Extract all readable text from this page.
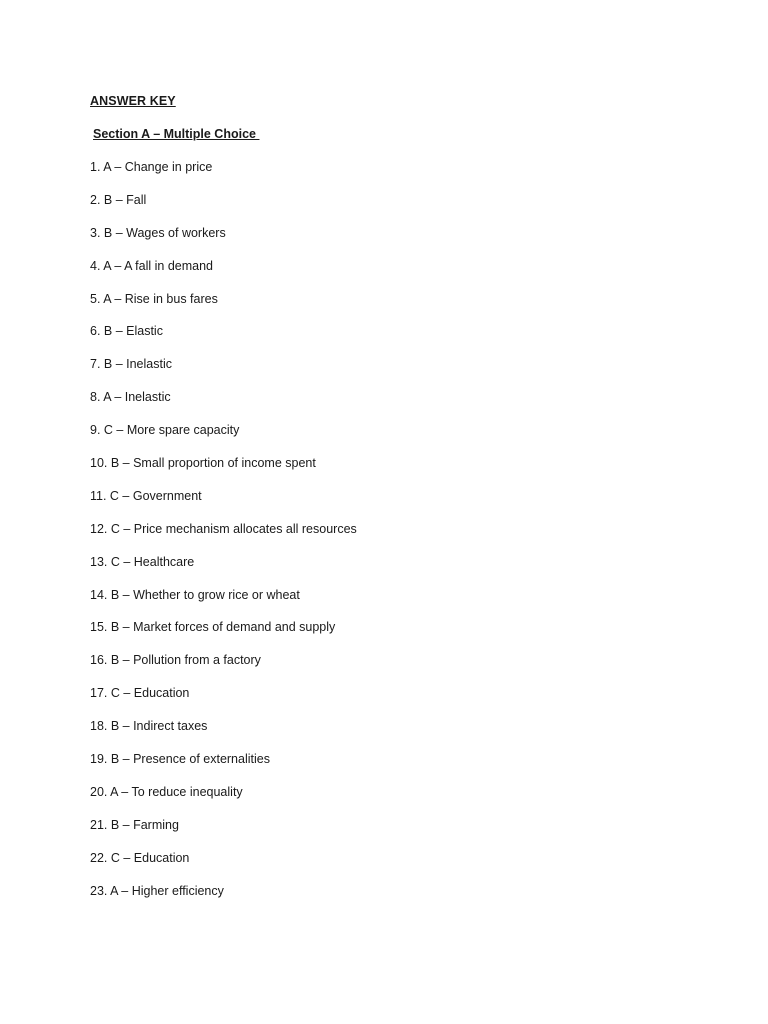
ANSWER KEY
Section A – Multiple Choice
1. A – Change in price
2. B – Fall
3. B – Wages of workers
4. A – A fall in demand
5. A – Rise in bus fares
6. B – Elastic
7. B – Inelastic
8. A – Inelastic
9. C – More spare capacity
10. B – Small proportion of income spent
11. C – Government
12. C – Price mechanism allocates all resources
13. C – Healthcare
14. B – Whether to grow rice or wheat
15. B – Market forces of demand and supply
16. B – Pollution from a factory
17. C – Education
18. B – Indirect taxes
19. B – Presence of externalities
20. A – To reduce inequality
21. B – Farming
22. C – Education
23. A – Higher efficiency
